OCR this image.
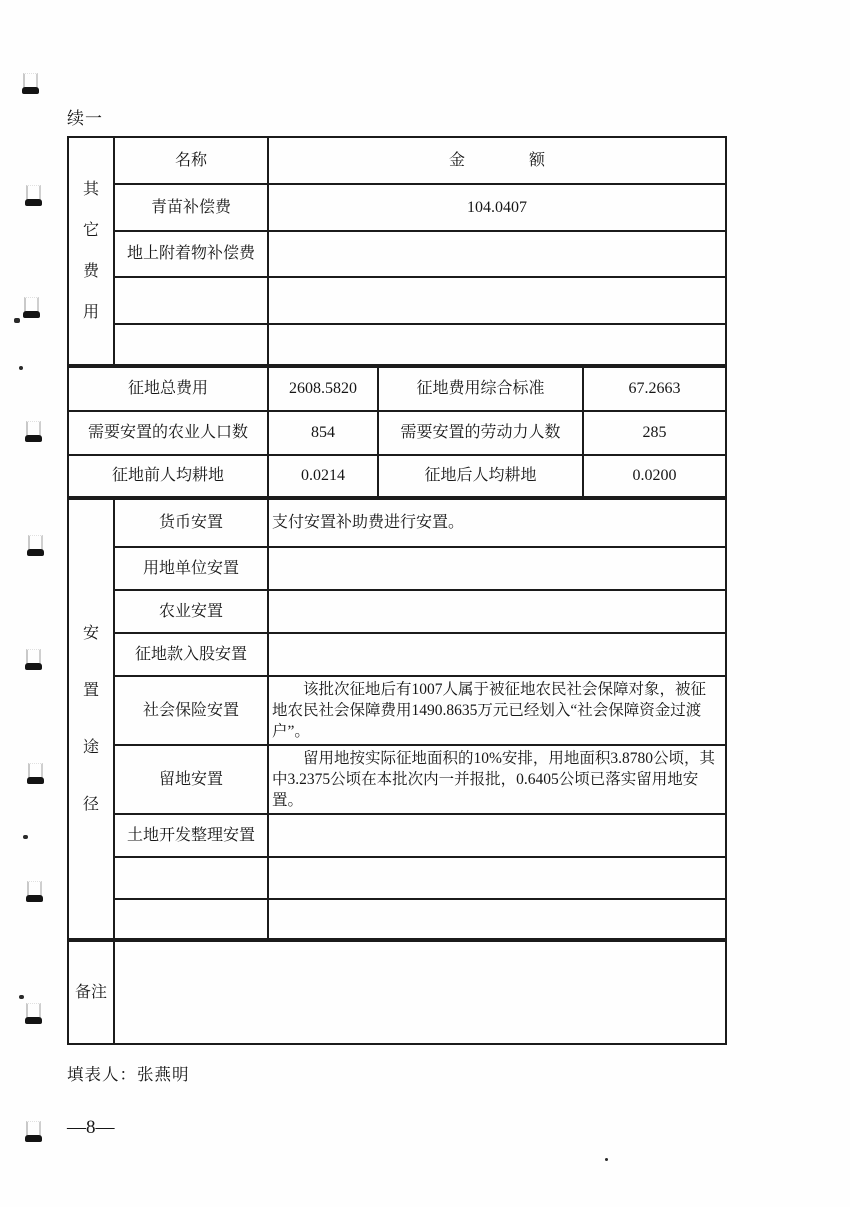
续一
其
它
费
用	名称	金　　　　额
	青苗补偿费	104.0407
	地上附着物补偿费	

征地总费用	2608.5820	征地费用综合标准	67.2663
需要安置的农业人口数	854	需要安置的劳动力人数	285
征地前人均耕地	0.0214	征地后人均耕地	0.0200
安
置
途
径	货币安置	支付安置补助费进行安置。
	用地单位安置	
	农业安置	
	征地款入股安置	
	社会保险安置	该批次征地后有1007人属于被征地农民社会保障对象，被征地农民社会保障费用1490.8635万元已经划入“社会保障资金过渡户”。
	留地安置	留用地按实际征地面积的10%安排，用地面积3.8780公顷，其中3.2375公顷在本批次内一并报批，0.6405公顷已落实留用地安置。
	土地开发整理安置	

备注	
填表人：张燕明
—8—
